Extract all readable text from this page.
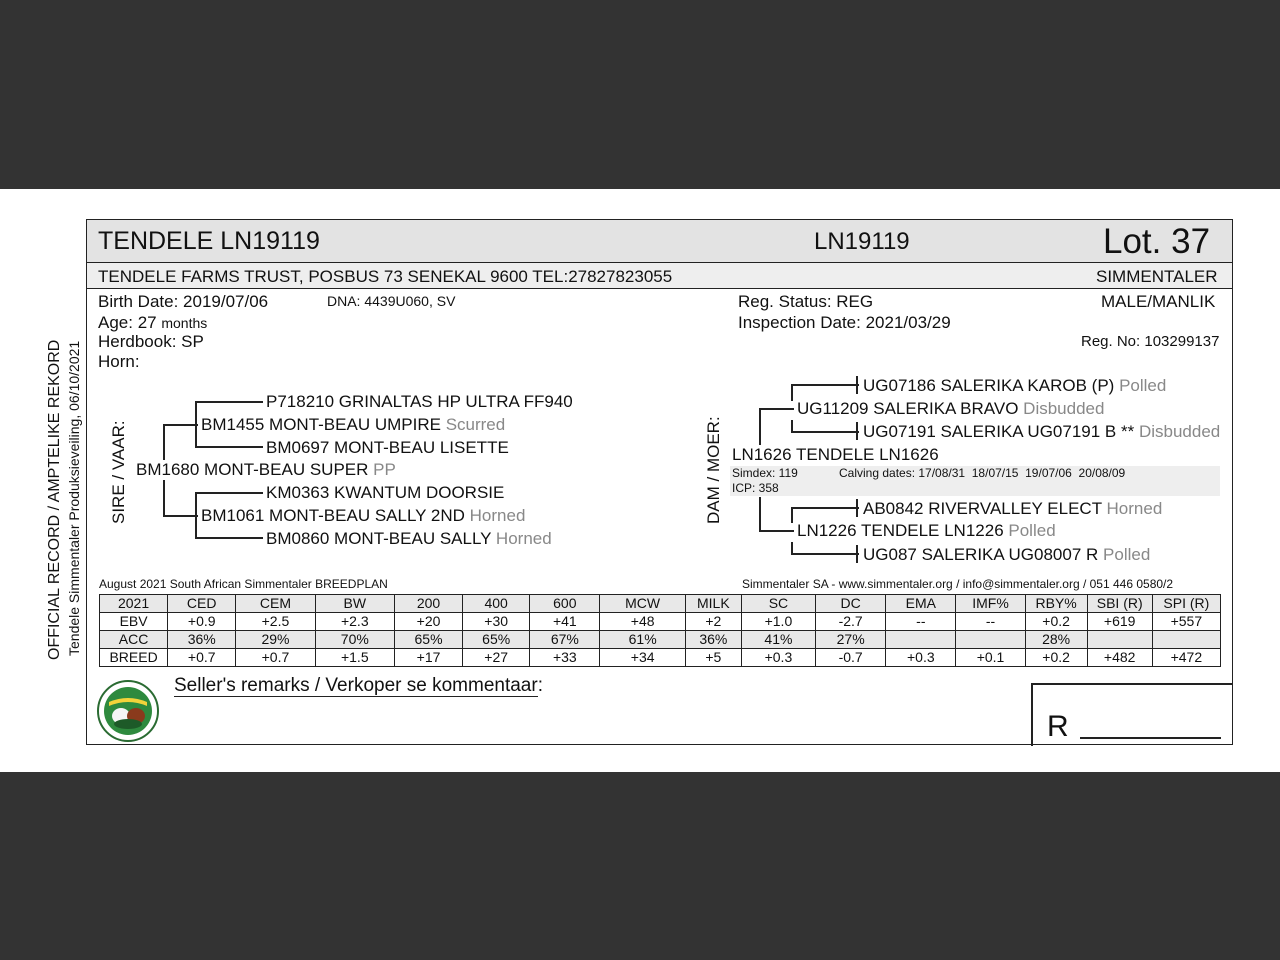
TENDELE LN19119	LN19119	Lot. 37
TENDELE FARMS TRUST, POSBUS 73 SENEKAL 9600 TEL:27827823055	SIMMENTALER
Birth Date: 2019/07/06	DNA: 4439U060, SV
Age: 27 months
Herdbook: SP
Horn:
Reg. Status: REG
Inspection Date: 2021/03/29
MALE/MANLIK
Reg. No: 103299137
OFFICIAL RECORD / AMPTELIKE REKORD Tendele Simmentaler Produksieveiling, 06/10/2021 SIRE / VAAR:
P718210 GRINALTAS HP ULTRA FF940
BM1455 MONT-BEAU UMPIRE Scurred
BM0697 MONT-BEAU LISETTE
BM1680 MONT-BEAU SUPER PP
KM0363 KWANTUM DOORSIE
BM1061 MONT-BEAU SALLY 2ND Horned
BM0860 MONT-BEAU SALLY Horned
DAM / MOER:
UG07186 SALERIKA KAROB (P) Polled
UG11209 SALERIKA BRAVO Disbudded
UG07191 SALERIKA UG07191 B ** Disbudded
LN1626 TENDELE LN1626
Simdex: 119
ICP: 358
Calving dates: 17/08/31  18/07/15  19/07/06  20/08/09
AB0842 RIVERVALLEY ELECT Horned
LN1226 TENDELE LN1226 Polled
UG087 SALERIKA UG08007 R Polled
August 2021 South African Simmentaler BREEDPLAN	Simmentaler SA - www.simmentaler.org / info@simmentaler.org / 051 446 0580/2
2021	CED	CEM	BW	200	400	600	MCW	MILK	SC	DC	EMA	IMF%	RBY%	SBI (R)	SPI (R)
EBV	+0.9	+2.5	+2.3	+20	+30	+41	+48	+2	+1.0	-2.7	--	--	+0.2	+619	+557
ACC	36%	29%	70%	65%	65%	67%	61%	36%	41%	27%			28%		
BREED	+0.7	+0.7	+1.5	+17	+27	+33	+34	+5	+0.3	-0.7	+0.3	+0.1	+0.2	+482	+472
Seller's remarks / Verkoper se kommentaar:
R
